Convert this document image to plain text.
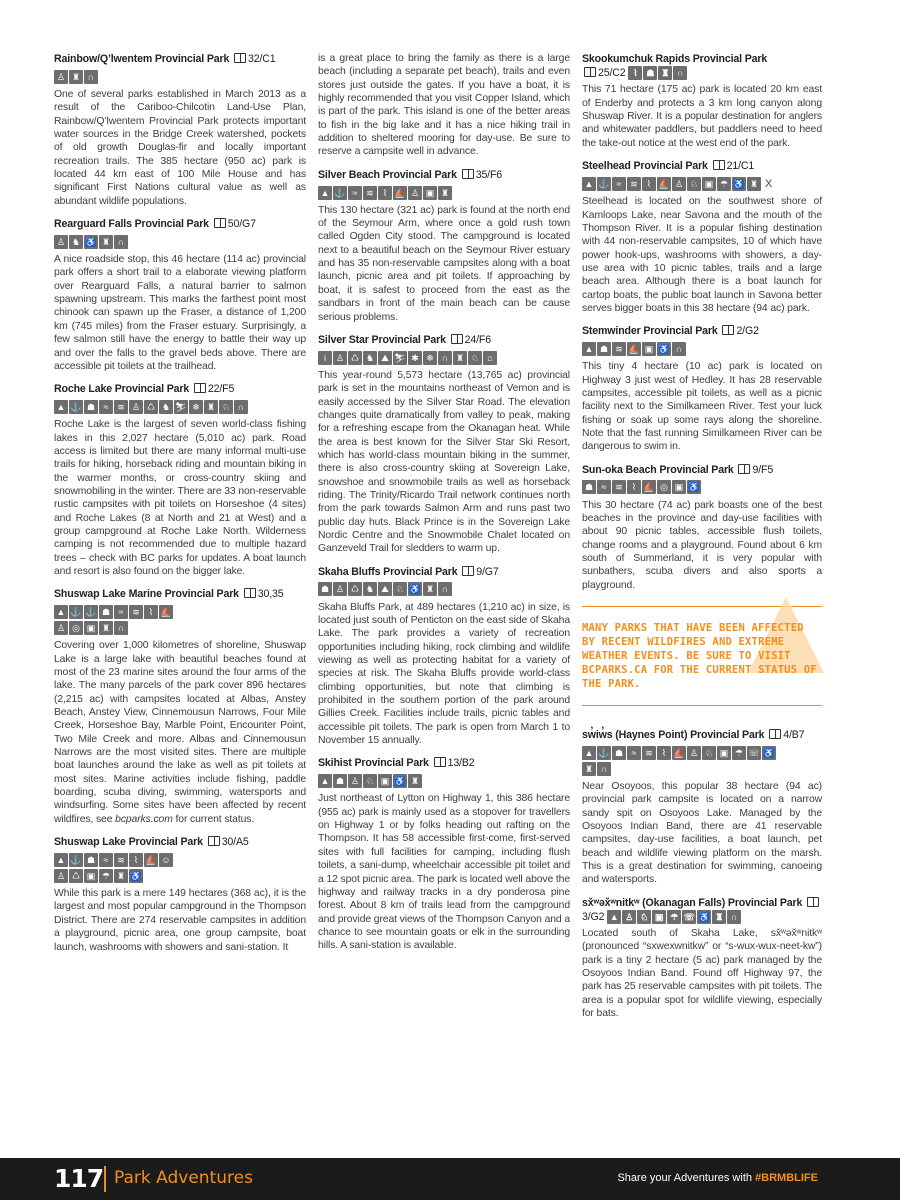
Rainbow/Q’lwentem Provincial Park 32/C1
♙ ♜ ∩

One of several parks established in March 2013 as a result of the Cariboo-Chilcotin Land-Use Plan, Rainbow/Q’lwentem Provincial Park protects important water sources in the Bridge Creek watershed, pockets of old growth Douglas-fir and locally important recreation trails. The 385 hectare (950 ac) park is located 44 km east of 100 Mile House and has significant First Nations cultural value as well as abundant wildlife populations.

Rearguard Falls Provincial Park 50/G7
♙ ♞ ♿ ♜ ∩

A nice roadside stop, this 46 hectare (114 ac) provincial park offers a short trail to a elaborate viewing platform over Rearguard Falls, a natural barrier to salmon spawning upstream. This marks the farthest point most chinook can spawn up the Fraser, a distance of 1,200 km (745 miles) from the Fraser estuary. Surprisingly, a few salmon still have the energy to battle their way up and over the falls to the gravel beds above. There are accessible pit toilets at the trailhead.

Roche Lake Provincial Park 22/F5
▲ ⚓ ☗ ≈ ≋ ♙ ♺ ♞ ⛷ ❄ ♜ ♘ ∩

Roche Lake is the largest of seven world-class fishing lakes in this 2,027 hectare (5,010 ac) park. Road access is limited but there are many informal multi-use trails for hiking, horseback riding and mountain biking in the warmer months, or cross-country skiing and snowmobiling in the winter. There are 33 non-reservable rustic campsites with pit toilets on Horseshoe (4 sites) and Roche Lakes (8 at North and 21 at West) and a group campground at Roche Lake North. Wilderness camping is not recommended due to multiple hazard trees – check with BC parks for updates. A boat launch and resort is also found on the bigger lake.

Shuswap Lake Marine Provincial Park 30,35
▲ ⚓ ⚓ ☗ ≈ ≋ ⌇ ⛵
♙ ◎ ▣ ♜ ∩

Covering over 1,000 kilometres of shoreline, Shuswap Lake is a large lake with beautiful beaches found at most of the 23 marine sites around the four arms of the lake. The many parcels of the park cover 896 hectares (2,215 ac) with campsites located at Albas, Anstey Beach, Anstey View, Cinnemousun Narrows, Four Mile Creek, Horseshoe Bay, Marble Point, Encounter Point, Two Mile Creek and more. Albas and Cinnemousun Narrows are the most visited sites. There are multiple boat launches around the lake as well as pit toilets at most sites. Marine activities include fishing, paddle boarding, scuba diving, swimming, watersports and windsurfing. Some sites have been affected by recent wildfires, see bcparks.com for current status.

Shuswap Lake Provincial Park 30/A5
▲ ⚓ ☗ ≈ ≋ ⌇ ⛵ ☺
♙ ♺ ▣ ☂ ♜ ♿

While this park is a mere 149 hectares (368 ac), it is the largest and most popular campground in the Thompson District. There are 274 reservable campsites in addition a playground, picnic area, one group campsite, boat launch, washrooms with showers and sani-station. It

is a great place to bring the family as there is a large beach (including a separate pet beach), trails and even stores just outside the gates. If you have a boat, it is highly recommended that you visit Copper Island, which is part of the park. This island is one of the better areas to fish in the big lake and it has a nice hiking trail in addition to sheltered mooring for day-use. Be sure to reserve a campsite well in advance.

Silver Beach Provincial Park 35/F6
▲ ⚓ ≈ ≋ ⌇ ⛵ ♙ ▣ ♜

This 130 hectare (321 ac) park is found at the north end of the Seymour Arm, where once a gold rush town called Ogden City stood. The campground is located next to a beautiful beach on the Seymour River estuary and has 35 non-reservable campsites along with a boat launch, picnic area and pit toilets. If approaching by boat, it is safest to proceed from the east as the sandbars in front of the main beach can be cause serious problems.

Silver Star Provincial Park 24/F6
i ♙ ♺ ♞ ⛰ ⛷ ✱ ❄ ∩ ♜ ♘ ⌂

This year-round 5,573 hectare (13,765 ac) provincial park is set in the mountains northeast of Vernon and is easily accessed by the Silver Star Road. The elevation changes quite dramatically from valley to peak, making for a refreshing escape from the Okanagan heat. While the area is best known for the Silver Star Ski Resort, which has world-class mountain biking in the summer, there is also cross-country skiing at Sovereign Lake, snowshoe and snowmobile trails as well as horseback riding. The Trinity/Ricardo Trail network continues north from the park towards Salmon Arm and runs past two public day huts. Black Prince is in the Sovereign Lake Nordic Centre and the Snowmobile Chalet located on Ganzeveld Trail for sledders to warm up.

Skaha Bluffs Provincial Park 9/G7
☗ ♙ ♺ ♞ ⛰ ♘ ♿ ♜ ∩

Skaha Bluffs Park, at 489 hectares (1,210 ac) in size, is located just south of Penticton on the east side of Skaha Lake. The park provides a variety of recreation opportunities including hiking, rock climbing and wildlife viewing as well as protecting habitat for a variety of species at risk. The Skaha Bluffs provide world-class climbing opportunities, but note that climbing is prohibited in the southern portion of the park around Gillies Creek. Facilities include trails, picnic tables and accessible pit toilets. The park is open from March 1 to November 15 annually.

Skihist Provincial Park 13/B2
▲ ☗ ♙ ♘ ▣ ♿ ♜

Just northeast of Lytton on Highway 1, this 386 hectare (955 ac) park is mainly used as a stopover for travellers on Highway 1 or by folks heading out rafting on the Thompson. It has 58 accessible first-come, first-served sites with full facilities for camping, including flush toilets, a sani-dump, wheelchair accessible pit toilet and a 12 spot picnic area. The park is located well above the highway and railway tracks in a dry ponderosa pine forest. About 8 km of trails lead from the campground and provide great views of the Thompson Canyon and a chance to see mountain goats or elk in the surrounding hills. A sani-station is available.

Skookumchuk Rapids Provincial Park
25/C2 ⌇ ☗ ♜ ∩

This 71 hectare (175 ac) park is located 20 km east of Enderby and protects a 3 km long canyon along Shuswap River. It is a popular destination for anglers and whitewater paddlers, but paddlers need to heed the take-out notice at the west end of the park.

Steelhead Provincial Park 21/C1
▲ ⚓ ≈ ≋ ⌇ ⛵ ♙ ♘ ▣ ☂ ♿ ♜ X

Steelhead is located on the southwest shore of Kamloops Lake, near Savona and the mouth of the Thompson River. It is a popular fishing destination with 44 non-reservable campsites, 10 of which have power hook-ups, washrooms with showers, a day-use area with 10 picnic tables, trails and a large beach area. Although there is a boat launch for cartop boats, the public boat launch in Savona better serves bigger boats in this 38 hectare (94 ac) park.

Stemwinder Provincial Park 2/G2
▲ ☗ ≋ ⛵ ▣ ♿ ∩

This tiny 4 hectare (10 ac) park is located on Highway 3 just west of Hedley. It has 28 reservable campsites, accessible pit toilets, as well as a picnic facility next to the Similkameen River. Test your luck fishing or soak up some rays along the shoreline. Note that the fast running Similkameen River can be dangerous to swim in.

Sun-oka Beach Provincial Park 9/F5
☗ ≈ ≋ ⌇ ⛵ ◎ ▣ ♿

This 30 hectare (74 ac) park boasts one of the best beaches in the province and day-use facilities with about 90 picnic tables, accessible flush toilets, change rooms and a playground. Found about 6 km south of Summerland, it is very popular with sunbathers, scuba divers and also sports a playground.

MANY PARKS THAT HAVE BEEN AFFECTED BY RECENT WILDFIRES AND EXTREME WEATHER EVENTS. BE SURE TO VISIT BCPARKS.CA FOR THE CURRENT STATUS OF THE PARK.

sw̓iw̓s (Haynes Point) Provincial Park 4/B7
▲ ⚓ ☗ ≈ ≋ ⌇ ⛵ ♙ ♘ ▣ ☂ ☏ ♿
♜ ∩

Near Osoyoos, this popular 38 hectare (94 ac) provincial park campsite is located on a narrow sandy spit on Osoyoos Lake. Managed by the Osoyoos Indian Band, there are 41 reservable campsites, day-use facilities, a boat launch, pet beach and wildlife viewing platform on the marsh. This is a great destination for swimming, canoeing and watersports.

sx̌ʷəx̌ʷnitkʷ (Okanagan Falls) Provincial Park 3/G2 ▲ ♙ ♘ ▣ ☂ ☏ ♿ ♜ ∩

Located south of Skaha Lake, sx̌ʷəx̌ʷnitkʷ (pronounced “sxwexwnitkw” or “s-wux-wux-neet-kw”) park is a tiny 2 hectare (5 ac) park managed by the Osoyoos Indian Band. Found off Highway 97, the park has 25 reservable campsites with pit toilets. The area is a popular spot for wildlife viewing, especially for bats.

117 Park Adventures	Share your Adventures with #BRMBLIFE
